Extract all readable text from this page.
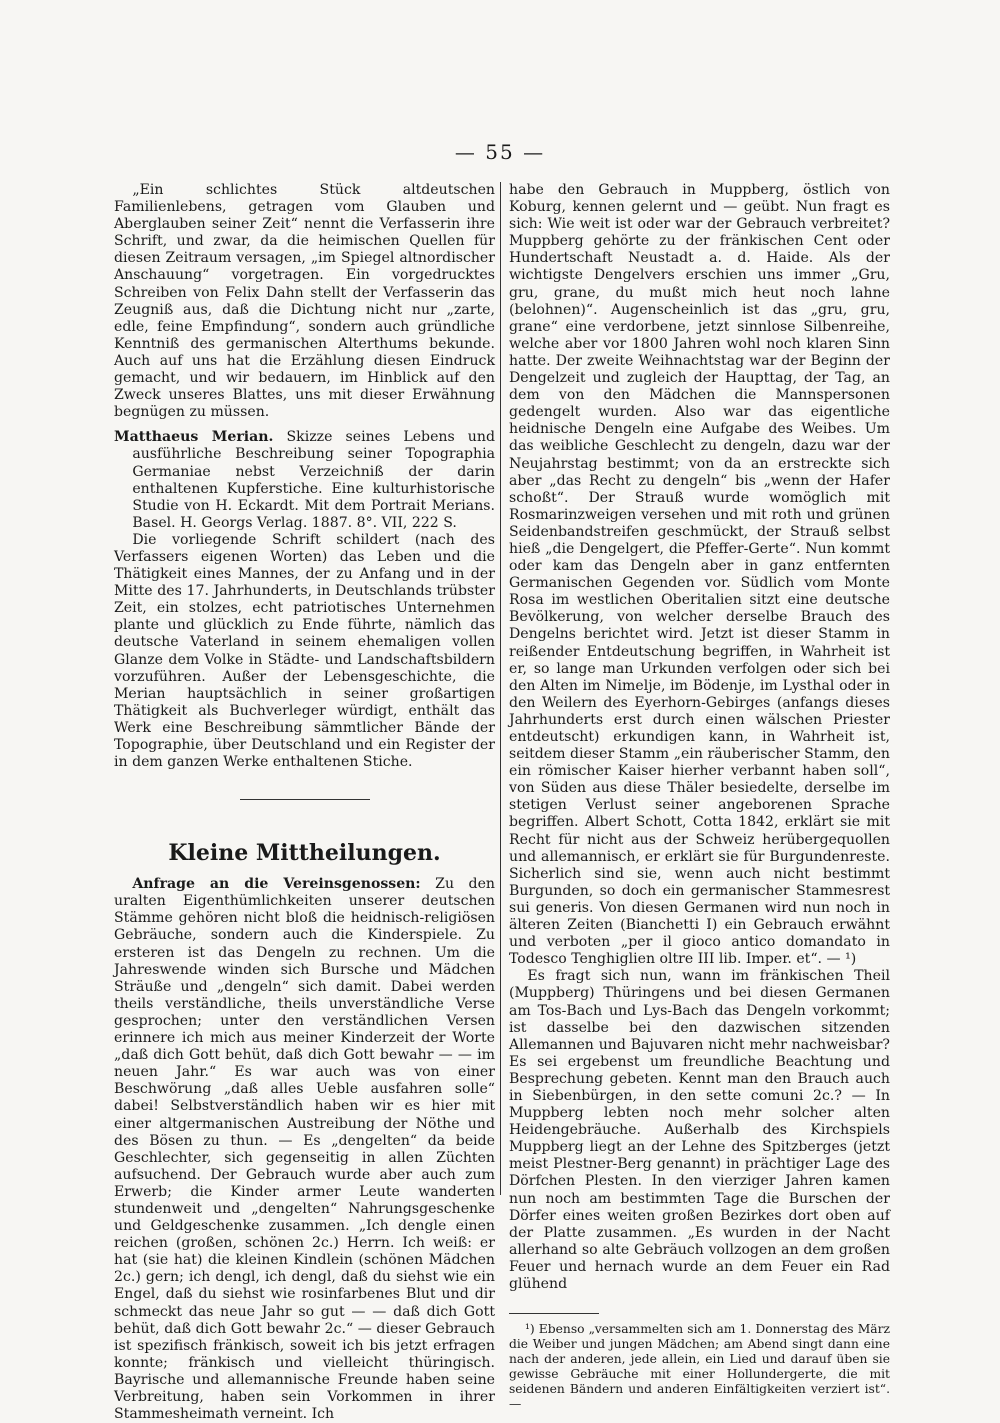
— 55 —

„Ein schlichtes Stück altdeutschen Familienlebens, getragen vom Glauben und Aberglauben seiner Zeit“ nennt die Verfasserin ihre Schrift, und zwar, da die heimischen Quellen für diesen Zeitraum versagen, „im Spiegel altnordischer Anschauung“ vorgetragen. Ein vorgedrucktes Schreiben von Felix Dahn stellt der Verfasserin das Zeugniß aus, daß die Dichtung nicht nur „zarte, edle, feine Empfindung“, sondern auch gründliche Kenntniß des germanischen Alterthums bekunde. Auch auf uns hat die Erzählung diesen Eindruck gemacht, und wir bedauern, im Hinblick auf den Zweck unseres Blattes, uns mit dieser Erwähnung begnügen zu müssen.

Matthaeus Merian. Skizze seines Lebens und ausführliche Beschreibung seiner Topographia Germaniae nebst Verzeichniß der darin enthaltenen Kupferstiche. Eine kulturhistorische Studie von H. Eckardt. Mit dem Portrait Merians. Basel. H. Georgs Verlag. 1887. 8°. VII, 222 S.

Die vorliegende Schrift schildert (nach des Verfassers eigenen Worten) das Leben und die Thätigkeit eines Mannes, der zu Anfang und in der Mitte des 17. Jahrhunderts, in Deutschlands trübster Zeit, ein stolzes, echt patriotisches Unternehmen plante und glücklich zu Ende führte, nämlich das deutsche Vaterland in seinem ehemaligen vollen Glanze dem Volke in Städte- und Landschaftsbildern vorzuführen. Außer der Lebensgeschichte, die Merian hauptsächlich in seiner großartigen Thätigkeit als Buchverleger würdigt, enthält das Werk eine Beschreibung sämmtlicher Bände der Topographie, über Deutschland und ein Register der in dem ganzen Werke enthaltenen Stiche.

Kleine Mittheilungen.

Anfrage an die Vereinsgenossen: Zu den uralten Eigenthümlichkeiten unserer deutschen Stämme gehören nicht bloß die heidnisch-religiösen Gebräuche, sondern auch die Kinderspiele. Zu ersteren ist das Dengeln zu rechnen. Um die Jahreswende winden sich Bursche und Mädchen Sträuße und „dengeln“ sich damit. Dabei werden theils verständliche, theils unverständliche Verse gesprochen; unter den verständlichen Versen erinnere ich mich aus meiner Kinderzeit der Worte „daß dich Gott behüt, daß dich Gott bewahr — — im neuen Jahr.“ Es war auch was von einer Beschwörung „daß alles Ueble ausfahren solle“ dabei! Selbstverständlich haben wir es hier mit einer altgermanischen Austreibung der Nöthe und des Bösen zu thun. — Es „dengelten“ da beide Geschlechter, sich gegenseitig in allen Züchten aufsuchend. Der Gebrauch wurde aber auch zum Erwerb; die Kinder armer Leute wanderten stundenweit und „dengelten“ Nahrungsgeschenke und Geldgeschenke zusammen. „Ich dengle einen reichen (großen, schönen 2c.) Herrn. Ich weiß: er hat (sie hat) die kleinen Kindlein (schönen Mädchen 2c.) gern; ich dengl, ich dengl, daß du siehst wie ein Engel, daß du siehst wie rosinfarbenes Blut und dir schmeckt das neue Jahr so gut — — daß dich Gott behüt, daß dich Gott bewahr 2c.“ — dieser Gebrauch ist spezifisch fränkisch, soweit ich bis jetzt erfragen konnte; fränkisch und vielleicht thüringisch. Bayrische und allemannische Freunde haben seine Verbreitung, haben sein Vorkommen in ihrer Stammesheimath verneint. Ich

habe den Gebrauch in Muppberg, östlich von Koburg, kennen gelernt und — geübt. Nun fragt es sich: Wie weit ist oder war der Gebrauch verbreitet? Muppberg gehörte zu der fränkischen Cent oder Hundertschaft Neustadt a. d. Haide. Als der wichtigste Dengelvers erschien uns immer „Gru, gru, grane, du mußt mich heut noch lahne (belohnen)“. Augenscheinlich ist das „gru, gru, grane“ eine verdorbene, jetzt sinnlose Silbenreihe, welche aber vor 1800 Jahren wohl noch klaren Sinn hatte. Der zweite Weihnachtstag war der Beginn der Dengelzeit und zugleich der Haupttag, der Tag, an dem von den Mädchen die Mannspersonen gedengelt wurden. Also war das eigentliche heidnische Dengeln eine Aufgabe des Weibes. Um das weibliche Geschlecht zu dengeln, dazu war der Neujahrstag bestimmt; von da an erstreckte sich aber „das Recht zu dengeln“ bis „wenn der Hafer schoßt“. Der Strauß wurde womöglich mit Rosmarinzweigen versehen und mit roth und grünen Seidenbandstreifen geschmückt, der Strauß selbst hieß „die Dengelgert, die Pfeffer-Gerte“. Nun kommt oder kam das Dengeln aber in ganz entfernten Germanischen Gegenden vor. Südlich vom Monte Rosa im westlichen Oberitalien sitzt eine deutsche Bevölkerung, von welcher derselbe Brauch des Dengelns berichtet wird. Jetzt ist dieser Stamm in reißender Entdeutschung begriffen, in Wahrheit ist er, so lange man Urkunden verfolgen oder sich bei den Alten im Nimelje, im Bödenje, im Lysthal oder in den Weilern des Eyerhorn-Gebirges (anfangs dieses Jahrhunderts erst durch einen wälschen Priester entdeutscht) erkundigen kann, in Wahrheit ist, seitdem dieser Stamm „ein räuberischer Stamm, den ein römischer Kaiser hierher verbannt haben soll“, von Süden aus diese Thäler besiedelte, derselbe im stetigen Verlust seiner angeborenen Sprache begriffen. Albert Schott, Cotta 1842, erklärt sie mit Recht für nicht aus der Schweiz herübergequollen und allemannisch, er erklärt sie für Burgundenreste. Sicherlich sind sie, wenn auch nicht bestimmt Burgunden, so doch ein germanischer Stammesrest sui generis. Von diesen Germanen wird nun noch in älteren Zeiten (Bianchetti I) ein Gebrauch erwähnt und verboten „per il gioco antico domandato in Todesco Tenghiglien oltre III lib. Imper. et“. — ¹)

Es fragt sich nun, wann im fränkischen Theil (Muppberg) Thüringens und bei diesen Germanen am Tos-Bach und Lys-Bach das Dengeln vorkommt; ist dasselbe bei den dazwischen sitzenden Allemannen und Bajuvaren nicht mehr nachweisbar? Es sei ergebenst um freundliche Beachtung und Besprechung gebeten. Kennt man den Brauch auch in Siebenbürgen, in den sette comuni 2c.? — In Muppberg lebten noch mehr solcher alten Heidengebräuche. Außerhalb des Kirchspiels Muppberg liegt an der Lehne des Spitzberges (jetzt meist Plestner-Berg genannt) in prächtiger Lage des Dörfchen Plesten. In den vierziger Jahren kamen nun noch am bestimmten Tage die Burschen der Dörfer eines weiten großen Bezirkes dort oben auf der Platte zusammen. „Es wurden in der Nacht allerhand so alte Gebräuch vollzogen an dem großen Feuer und hernach wurde an dem Feuer ein Rad glühend

¹) Ebenso „versammelten sich am 1. Donnerstag des März die Weiber und jungen Mädchen; am Abend singt dann eine nach der anderen, jede allein, ein Lied und darauf üben sie gewisse Gebräuche mit einer Hollundergerte, die mit seidenen Bändern und anderen Einfältigkeiten verziert ist“. —
